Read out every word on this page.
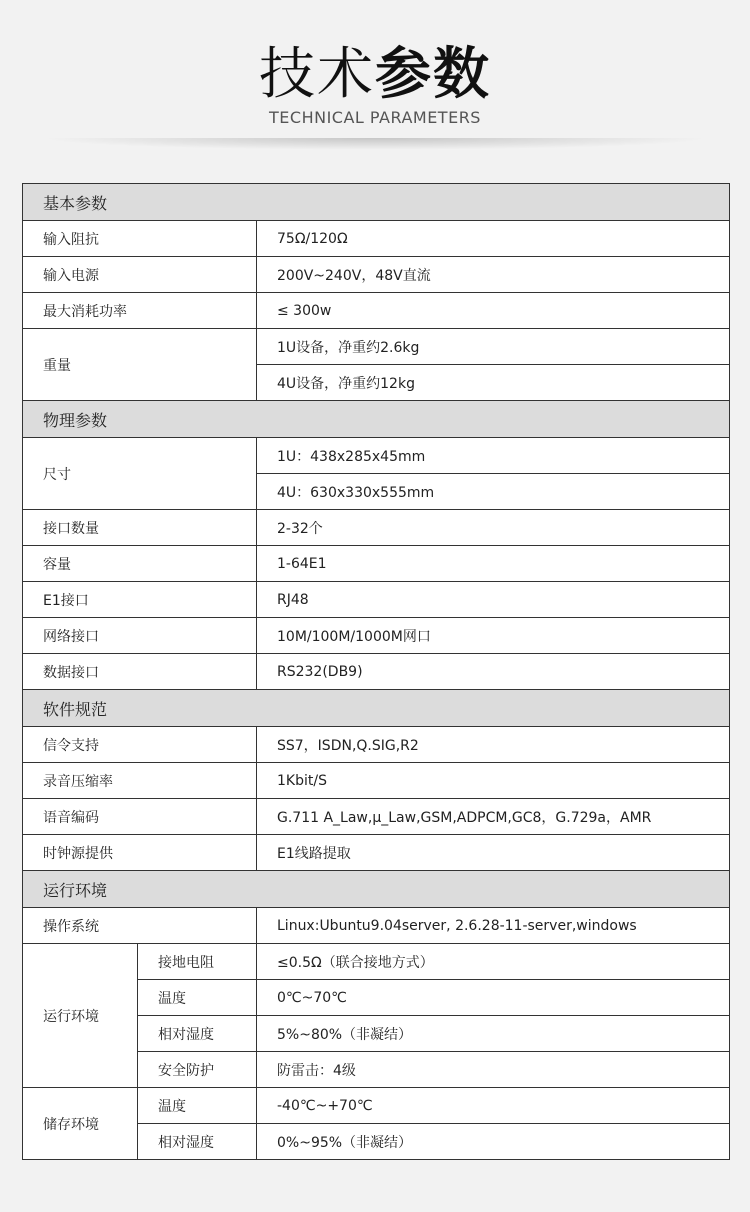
技术参数
TECHNICAL PARAMETERS
基本参数		
输入阻抗		75Ω/120Ω
输入电源		200V~240V，48V直流
最大消耗功率		≤ 300w
重量		1U设备，净重约2.6kg
		4U设备，净重约12kg
物理参数		
尺寸		1U：438x285x45mm
		4U：630x330x555mm
接口数量		2-32个
容量		1-64E1
E1接口		RJ48
网络接口		10M/100M/1000M网口
数据接口		RS232(DB9)
软件规范		
信令支持		SS7，ISDN,Q.SIG,R2
录音压缩率		1Kbit/S
语音编码		G.711 A_Law,μ_Law,GSM,ADPCM,GC8，G.729a，AMR
时钟源提供		E1线路提取
运行环境		
操作系统		Linux:Ubuntu9.04server, 2.6.28-11-server,windows
运行环境	接地电阻	≤0.5Ω（联合接地方式）
	温度	0℃~70℃
	相对湿度	5%~80%（非凝结）
	安全防护	防雷击：4级
储存环境	温度	-40℃~+70℃
	相对湿度	0%~95%（非凝结）
